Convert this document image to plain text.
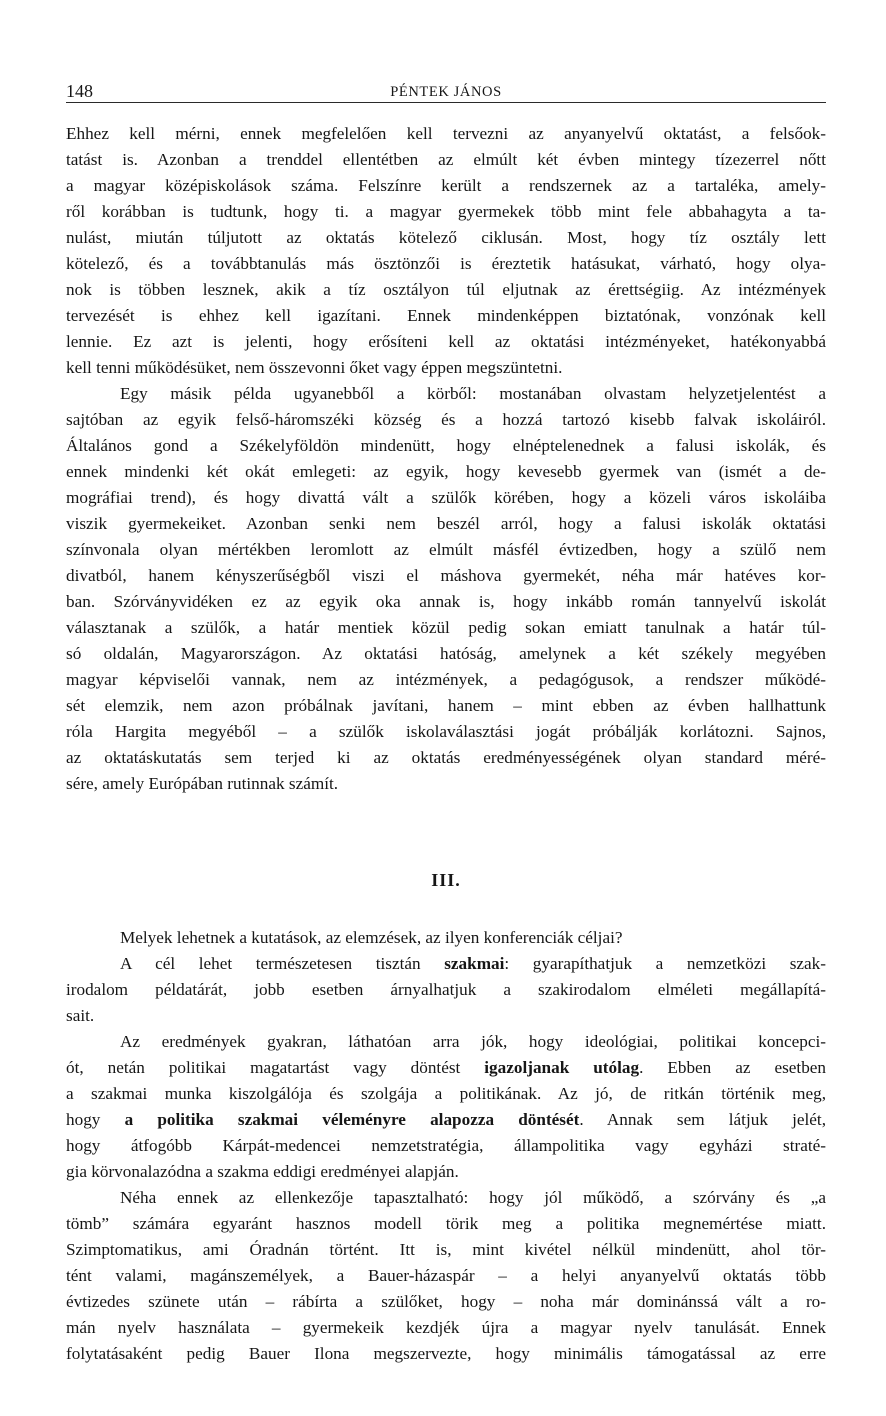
148	PÉNTEK JÁNOS
Ehhez kell mérni, ennek megfelelően kell tervezni az anyanyelvű oktatást, a felsőok-
tatást is. Azonban a trenddel ellentétben az elmúlt két évben mintegy tízezerrel nőtt
a magyar középiskolások száma. Felszínre került a rendszernek az a tartaléka, amely-
ről korábban is tudtunk, hogy ti. a magyar gyermekek több mint fele abbahagyta a ta-
nulást, miután túljutott az oktatás kötelező ciklusán. Most, hogy tíz osztály lett
kötelező, és a továbbtanulás más ösztönzői is éreztetik hatásukat, várható, hogy olya-
nok is többen lesznek, akik a tíz osztályon túl eljutnak az érettségiig. Az intézmények
tervezését is ehhez kell igazítani. Ennek mindenképpen biztatónak, vonzónak kell
lennie. Ez azt is jelenti, hogy erősíteni kell az oktatási intézményeket, hatékonyabbá
kell tenni működésüket, nem összevonni őket vagy éppen megszüntetni.
Egy másik példa ugyanebből a körből: mostanában olvastam helyzetjelentést a
sajtóban az egyik felső-háromszéki község és a hozzá tartozó kisebb falvak iskoláiról.
Általános gond a Székelyföldön mindenütt, hogy elnéptelenednek a falusi iskolák, és
ennek mindenki két okát emlegeti: az egyik, hogy kevesebb gyermek van (ismét a de-
mográfiai trend), és hogy divattá vált a szülők körében, hogy a közeli város iskoláiba
viszik gyermekeiket. Azonban senki nem beszél arról, hogy a falusi iskolák oktatási
színvonala olyan mértékben leromlott az elmúlt másfél évtizedben, hogy a szülő nem
divatból, hanem kényszerűségből viszi el máshova gyermekét, néha már hatéves kor-
ban. Szórványvidéken ez az egyik oka annak is, hogy inkább román tannyelvű iskolát
választanak a szülők, a határ mentiek közül pedig sokan emiatt tanulnak a határ túl-
só oldalán, Magyarországon. Az oktatási hatóság, amelynek a két székely megyében
magyar képviselői vannak, nem az intézmények, a pedagógusok, a rendszer működé-
sét elemzik, nem azon próbálnak javítani, hanem – mint ebben az évben hallhattunk
róla Hargita megyéből – a szülők iskolaválasztási jogát próbálják korlátozni. Sajnos,
az oktatáskutatás sem terjed ki az oktatás eredményességének olyan standard méré-
sére, amely Európában rutinnak számít.
III.
Melyek lehetnek a kutatások, az elemzések, az ilyen konferenciák céljai?
A cél lehet természetesen tisztán szakmai: gyarapíthatjuk a nemzetközi szak-
irodalom példatárát, jobb esetben árnyalhatjuk a szakirodalom elméleti megállapítá-
sait.
Az eredmények gyakran, láthatóan arra jók, hogy ideológiai, politikai koncepci-
ót, netán politikai magatartást vagy döntést igazoljanak utólag. Ebben az esetben
a szakmai munka kiszolgálója és szolgája a politikának. Az jó, de ritkán történik meg,
hogy a politika szakmai véleményre alapozza döntését. Annak sem látjuk jelét,
hogy átfogóbb Kárpát-medencei nemzetstratégia, állampolitika vagy egyházi straté-
gia körvonalazódna a szakma eddigi eredményei alapján.
Néha ennek az ellenkezője tapasztalható: hogy jól működő, a szórvány és „a
tömb” számára egyaránt hasznos modell törik meg a politika megnemértése miatt.
Szimptomatikus, ami Óradnán történt. Itt is, mint kivétel nélkül mindenütt, ahol tör-
tént valami, magánszemélyek, a Bauer-házaspár – a helyi anyanyelvű oktatás több
évtizedes szünete után – rábírta a szülőket, hogy – noha már dominánssá vált a ro-
mán nyelv használata – gyermekeik kezdjék újra a magyar nyelv tanulását. Ennek
folytatásaként pedig Bauer Ilona megszervezte, hogy minimális támogatással az erre
